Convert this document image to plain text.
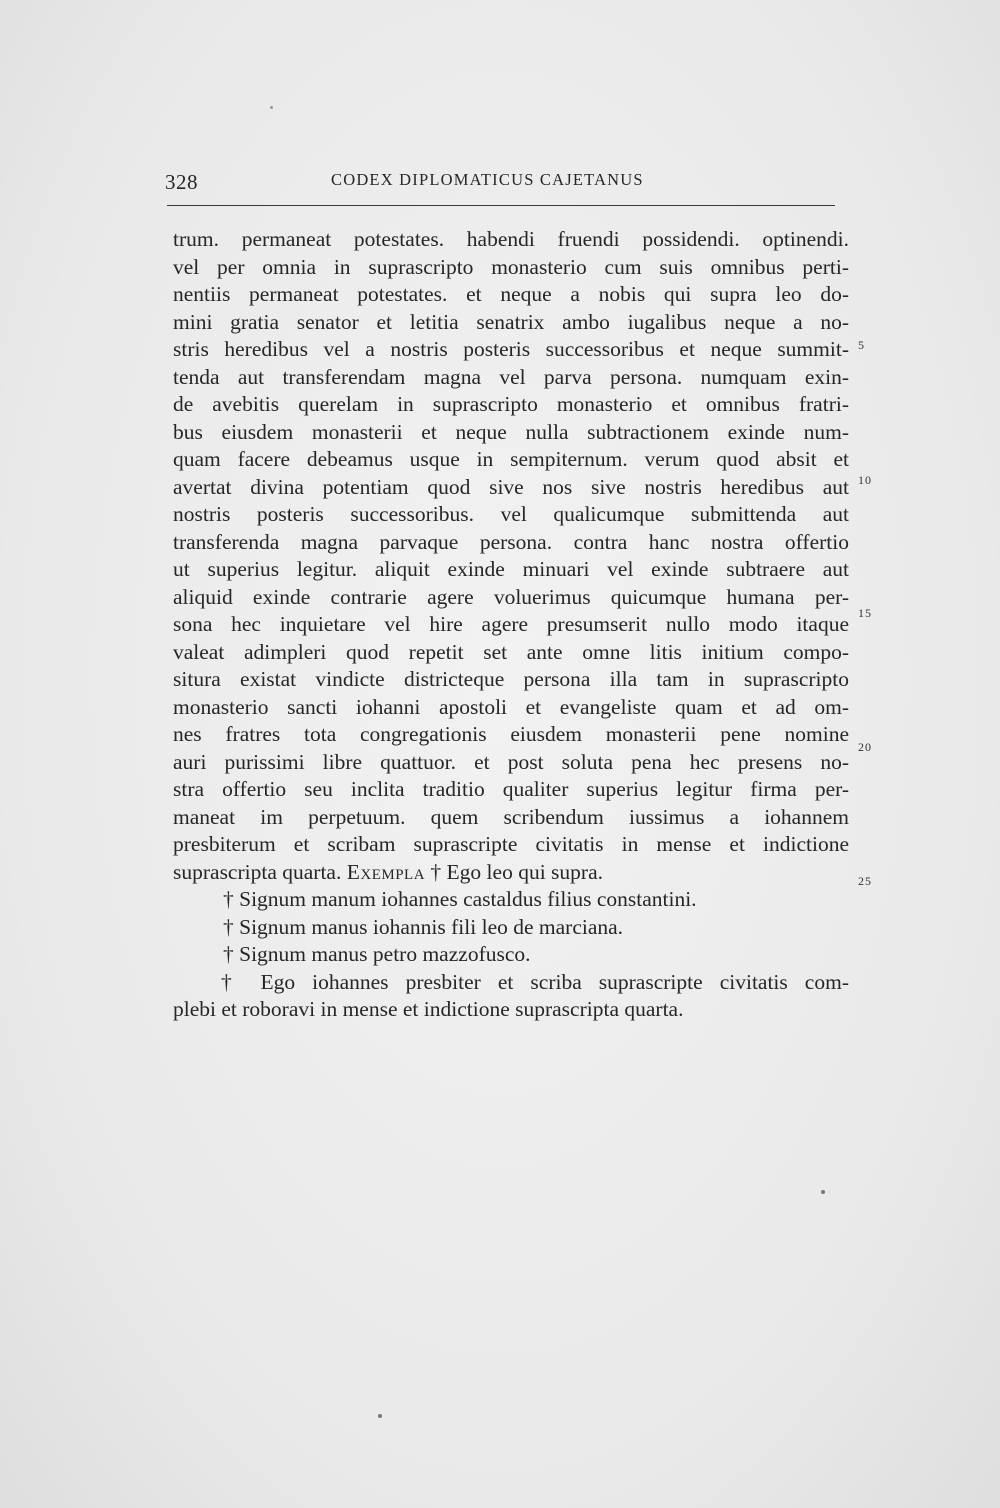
328	CODEX DIPLOMATICUS CAJETANUS
trum. permaneat potestates. habendi fruendi possidendi. optinendi.
vel per omnia in suprascripto monasterio cum suis omnibus perti-
nentiis permaneat potestates. et neque a nobis qui supra leo do-
mini gratia senator et letitia senatrix ambo iugalibus neque a no-
stris heredibus vel a nostris posteris successoribus et neque summit-
tenda aut transferendam magna vel parva persona. numquam exin-
de avebitis querelam in suprascripto monasterio et omnibus fratri-
bus eiusdem monasterii et neque nulla subtractionem exinde num-
quam facere debeamus usque in sempiternum. verum quod absit et
avertat divina potentiam quod sive nos sive nostris heredibus aut
nostris posteris successoribus. vel qualicumque submittenda aut
transferenda magna parvaque persona. contra hanc nostra offertio
ut superius legitur. aliquit exinde minuari vel exinde subtraere aut
aliquid exinde contrarie agere voluerimus quicumque humana per-
sona hec inquietare vel hire agere presumserit nullo modo itaque
valeat adimpleri quod repetit set ante omne litis initium compo-
situra existat vindicte districteque persona illa tam in suprascripto
monasterio sancti iohanni apostoli et evangeliste quam et ad om-
nes fratres tota congregationis eiusdem monasterii pene nomine
auri purissimi libre quattuor. et post soluta pena hec presens no-
stra offertio seu inclita traditio qualiter superius legitur firma per-
maneat im perpetuum. quem scribendum iussimus a iohannem
presbiterum et scribam suprascripte civitatis in mense et indictione
suprascripta quarta. Exempla † Ego leo qui supra.
† Signum manum iohannes castaldus filius constantini.
† Signum manus iohannis fili leo de marciana.
† Signum manus petro mazzofusco.
† Ego iohannes presbiter et scriba suprascripte civitatis com-
plebi et roboravi in mense et indictione suprascripta quarta.
5
10
15
20
25
